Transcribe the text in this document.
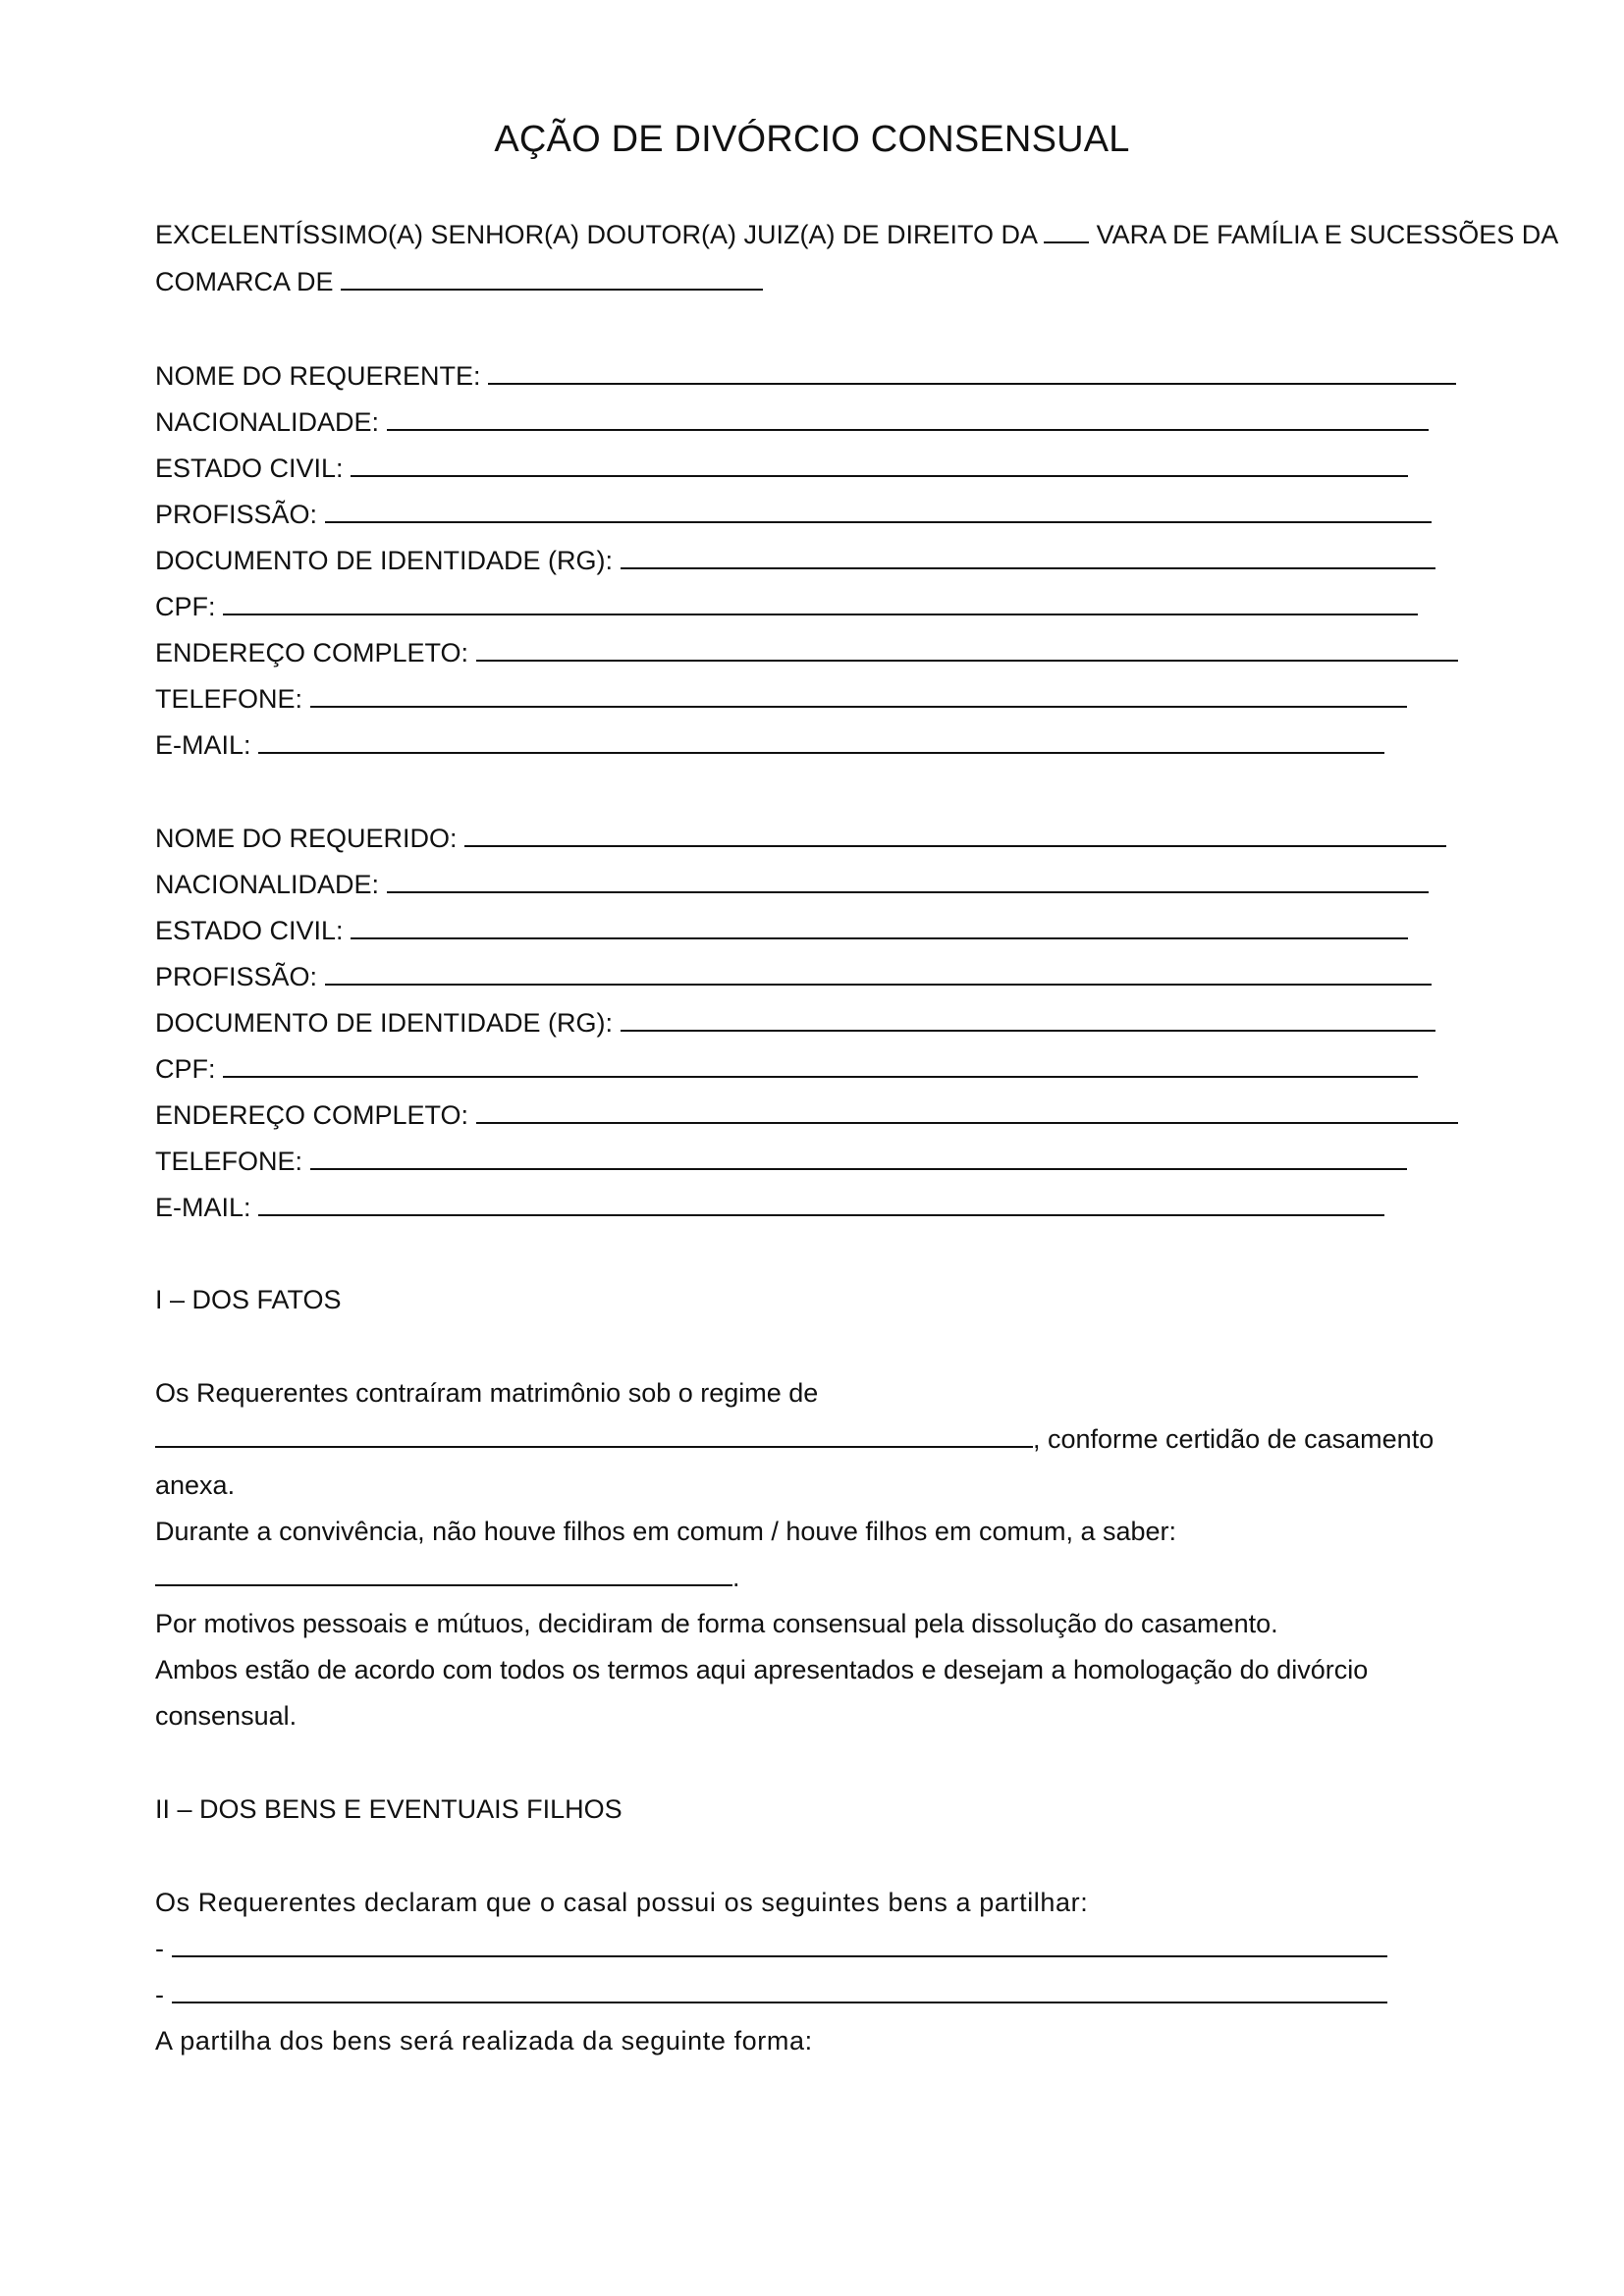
AÇÃO DE DIVÓRCIO CONSENSUAL
EXCELENTÍSSIMO(A) SENHOR(A) DOUTOR(A) JUIZ(A) DE DIREITO DA VARA DE FAMÍLIA E SUCESSÕES DA
COMARCA DE
NOME DO REQUERENTE:
NACIONALIDADE:
ESTADO CIVIL:
PROFISSÃO:
DOCUMENTO DE IDENTIDADE (RG):
CPF:
ENDEREÇO COMPLETO:
TELEFONE:
E-MAIL:
NOME DO REQUERIDO:
NACIONALIDADE:
ESTADO CIVIL:
PROFISSÃO:
DOCUMENTO DE IDENTIDADE (RG):
CPF:
ENDEREÇO COMPLETO:
TELEFONE:
E-MAIL:
I – DOS FATOS
Os Requerentes contraíram matrimônio sob o regime de
, conforme certidão de casamento
anexa.
Durante a convivência, não houve filhos em comum / houve filhos em comum, a saber:
.
Por motivos pessoais e mútuos, decidiram de forma consensual pela dissolução do casamento.
Ambos estão de acordo com todos os termos aqui apresentados e desejam a homologação do divórcio
consensual.
II – DOS BENS E EVENTUAIS FILHOS
Os Requerentes declaram que o casal possui os seguintes bens a partilhar:
-
-
A partilha dos bens será realizada da seguinte forma:
